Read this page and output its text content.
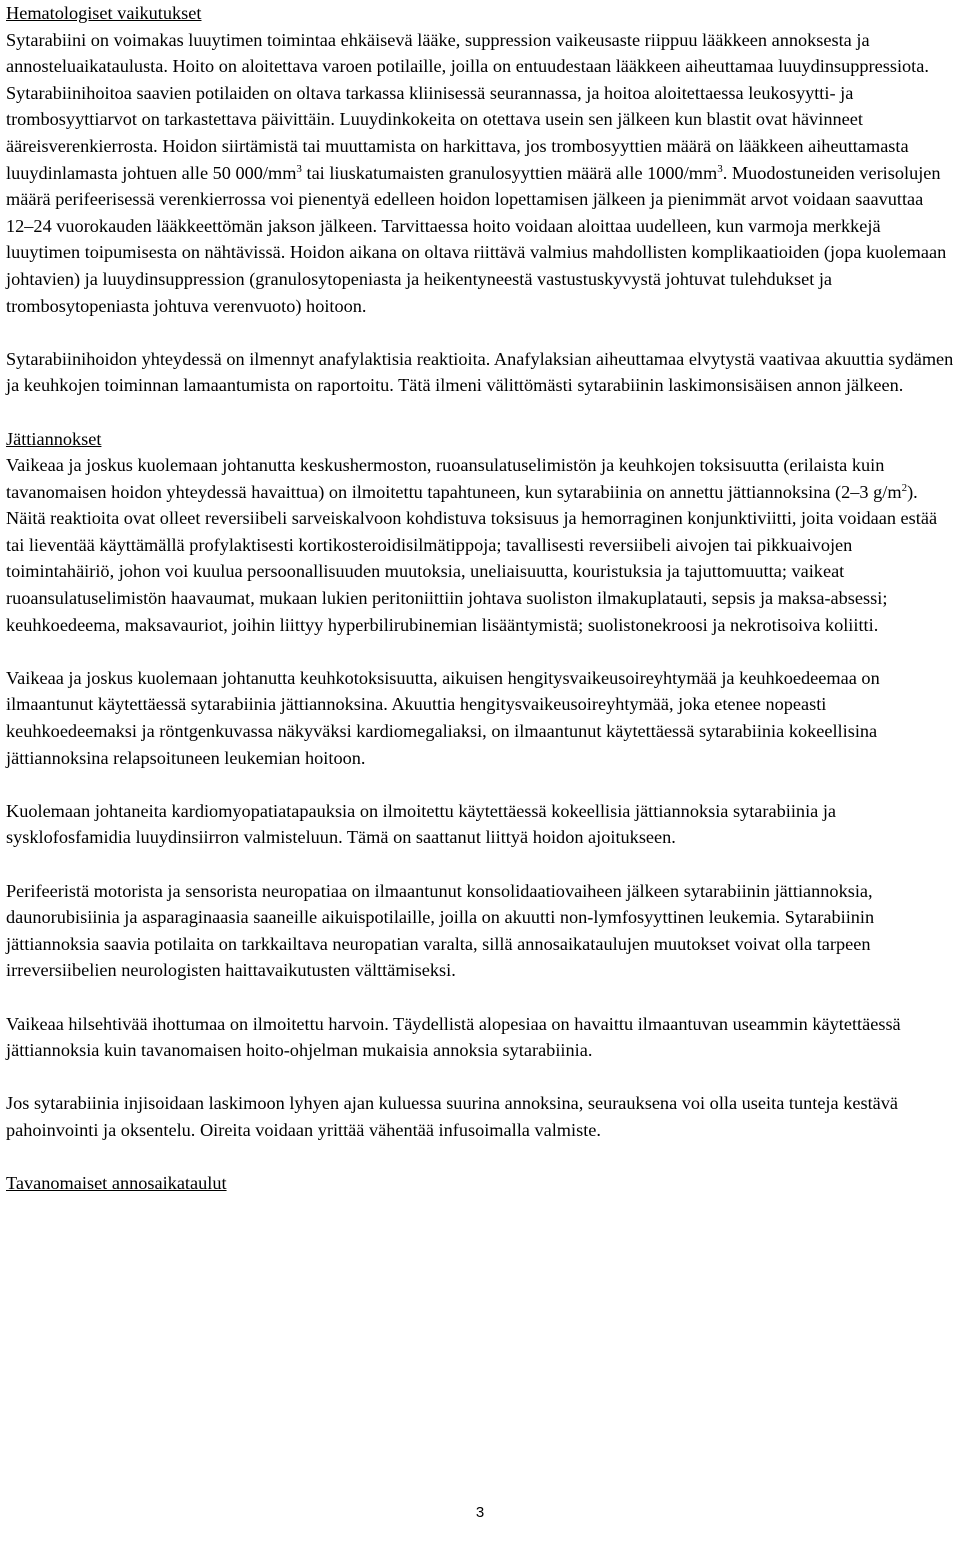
Hematologiset vaikutukset

Sytarabiini on voimakas luuytimen toimintaa ehkäisevä lääke, suppression vaikeusaste riippuu lääkkeen annoksesta ja annosteluaikataulusta. Hoito on aloitettava varoen potilaille, joilla on entuudestaan lääkkeen aiheuttamaa luuydinsuppressiota. Sytarabiinihoitoa saavien potilaiden on oltava tarkassa kliinisessä seurannassa, ja hoitoa aloitettaessa leukosyytti- ja trombosyyttiarvot on tarkastettava päivittäin. Luuydinkokeita on otettava usein sen jälkeen kun blastit ovat hävinneet ääreisverenkierrosta. Hoidon siirtämistä tai muuttamista on harkittava, jos trombosyyttien määrä on lääkkeen aiheuttamasta luuydinlamasta johtuen alle 50 $000/mm^3$ tai liuskatumaisten granulosyyttien määrä alle $1000/mm^3$. Muodostuneiden verisolujen määrä perifeerisessä verenkierrossa voi pienentyä edelleen hoidon lopettamisen jälkeen ja pienimmät arvot voidaan saavuttaa 12–24 vuorokauden lääkkeettömän jakson jälkeen. Tarvittaessa hoito voidaan aloittaa uudelleen, kun varmoja merkkejä luuytimen toipumisesta on nähtävissä. Hoidon aikana on oltava riittävä valmius mahdollisten komplikaatioiden (jopa kuolemaan johtavien) ja luuydinsuppression (granulosytopeniasta ja heikentyneestä vastustuskyvystä johtuvat tulehdukset ja trombosytopeniasta johtuva verenvuoto) hoitoon.

Sytarabiinihoidon yhteydessä on ilmennyt anafylaktisia reaktioita. Anafylaksian aiheuttamaa elvytystä vaativaa akuuttia sydämen ja keuhkojen toiminnan lamaantumista on raportoitu. Tätä ilmeni välittömästi sytarabiinin laskimonsisäisen annon jälkeen.

Jättiannokset

Vaikeaa ja joskus kuolemaan johtanutta keskushermoston, ruoansulatuselimistön ja keuhkojen toksisuutta (erilaista kuin tavanomaisen hoidon yhteydessä havaittua) on ilmoitettu tapahtuneen, kun sytarabiinia on annettu jättiannoksina (2–3 $g/m^2$). Näitä reaktioita ovat olleet reversiibeli sarveiskalvoon kohdistuva toksisuus ja hemorraginen konjunktiviitti, joita voidaan estää tai lieventää käyttämällä profylaktisesti kortikosteroidisilmätippoja; tavallisesti reversiibeli aivojen tai pikkuaivojen toimintahäiriö, johon voi kuulua persoonallisuuden muutoksia, uneliaisuutta, kouristuksia ja tajuttomuutta; vaikeat ruoansulatuselimistön haavaumat, mukaan lukien peritoniittiin johtava suoliston ilmakuplatauti, sepsis ja maksa-absessi; keuhkoedeema, maksavauriot, joihin liittyy hyperbilirubinemian lisääntymistä; suolistonekroosi ja nekrotisoiva koliitti.

Vaikeaa ja joskus kuolemaan johtanutta keuhkotoksisuutta, aikuisen hengitysvaikeusoireyhtymää ja keuhkoedeemaa on ilmaantunut käytettäessä sytarabiinia jättiannoksina. Akuuttia hengitysvaikeusoireyhtymää, joka etenee nopeasti keuhkoedeemaksi ja röntgenkuvassa näkyväksi kardiomegaliaksi, on ilmaantunut käytettäessä sytarabiinia kokeellisina jättiannoksina relapsoituneen leukemian hoitoon.

Kuolemaan johtaneita kardiomyopatiatapauksia on ilmoitettu käytettäessä kokeellisia jättiannoksia sytarabiinia ja sysklofosfamidia luuydinsiirron valmisteluun. Tämä on saattanut liittyä hoidon ajoitukseen.

Perifeeristä motorista ja sensorista neuropatiaa on ilmaantunut konsolidaatiovaiheen jälkeen sytarabiinin jättiannoksia, daunorubisiinia ja asparaginaasia saaneille aikuispotilaille, joilla on akuutti non-lymfosyyttinen leukemia. Sytarabiinin jättiannoksia saavia potilaita on tarkkailtava neuropatian varalta, sillä annosaikataulujen muutokset voivat olla tarpeen irreversiibelien neurologisten haittavaikutusten välttämiseksi.

Vaikeaa hilsehtivää ihottumaa on ilmoitettu harvoin. Täydellistä alopesiaa on havaittu ilmaantuvan useammin käytettäessä jättiannoksia kuin tavanomaisen hoito-ohjelman mukaisia annoksia sytarabiinia.

Jos sytarabiinia injisoidaan laskimoon lyhyen ajan kuluessa suurina annoksina, seurauksena voi olla useita tunteja kestävä pahoinvointi ja oksentelu. Oireita voidaan yrittää vähentää infusoimalla valmiste.

Tavanomaiset annosaikataulut
3
